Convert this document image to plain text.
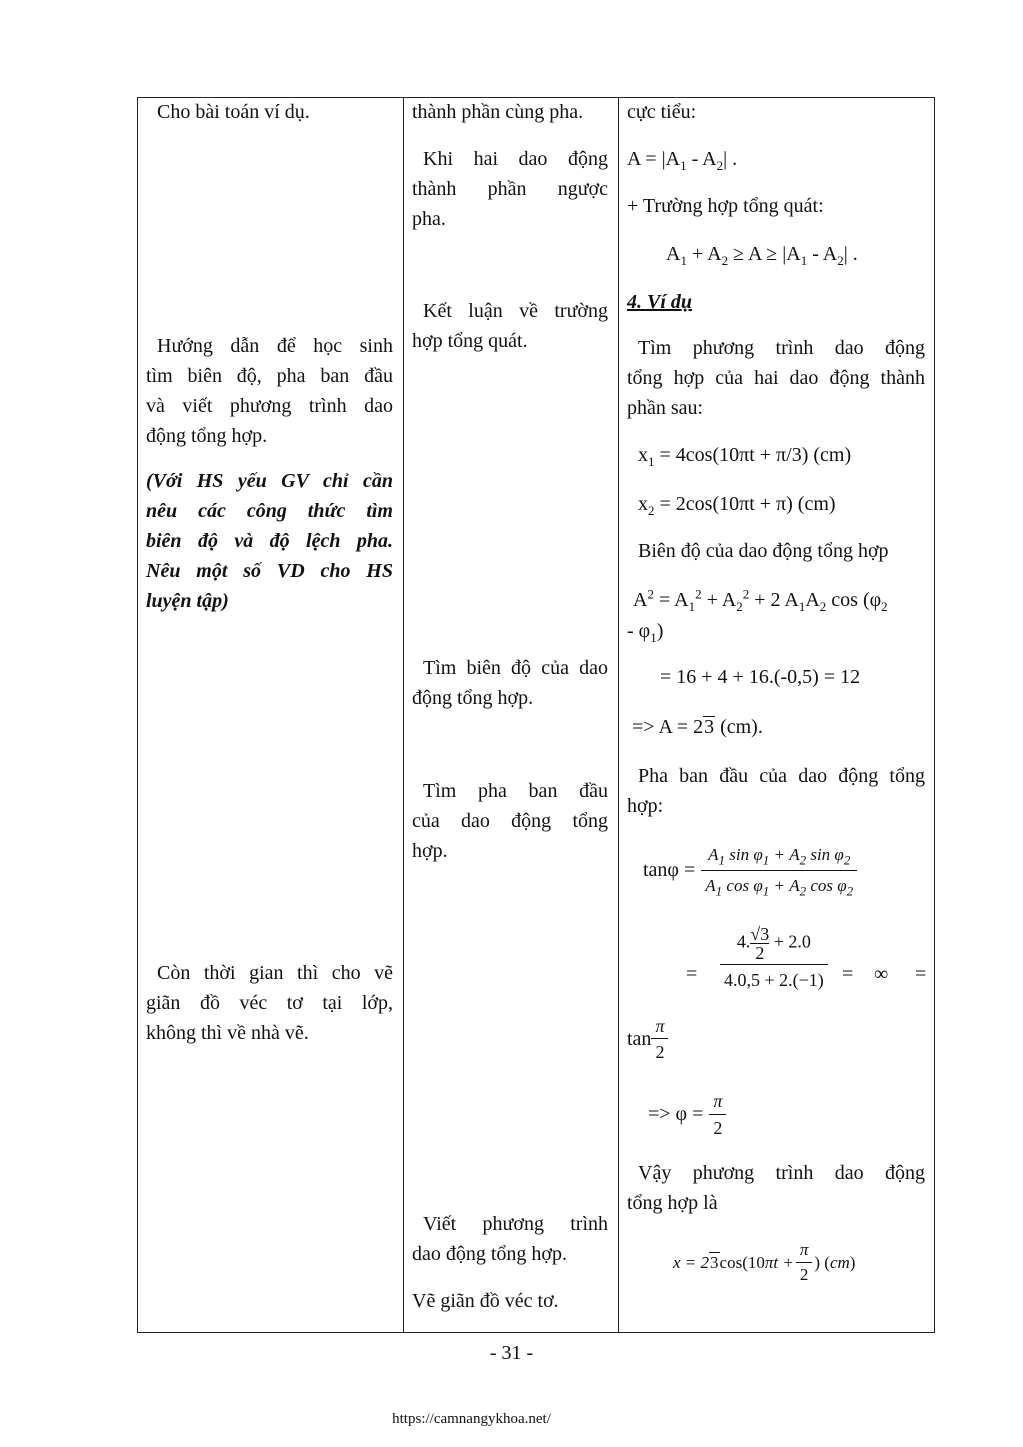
Cho bài toán ví dụ.

Hướng dẫn để học sinh

tìm biên độ, pha ban đầu

và viết phương trình dao

động tổng hợp.

(Với HS yếu GV chỉ cần

nêu các công thức tìm

biên độ và độ lệch pha.

Nêu một số VD cho HS

luyện tập)

Còn thời gian thì cho vẽ

giãn đồ véc tơ tại lớp,

không thì về nhà vẽ.

thành phần cùng pha.

Khi hai dao động

thành phần ngược

pha.

Kết luận về trường

hợp tổng quát.

Tìm biên độ của dao

động tổng hợp.

Tìm pha ban đầu

của dao động tổng

hợp.

Viết phương trình

dao động tổng hợp.

Vẽ giãn đồ véc tơ.

cực tiểu:

$A = |A_1 - A_2|$ .

+ Trường hợp tổng quát:

$A_1 + A_2 \ge A \ge |A_1 - A_2|$ .

4. Ví dụ

Tìm phương trình dao động

tổng hợp của hai dao động thành

phần sau:

$x_1 = 4\cos(10\pi t + \pi/3)$ (cm)

$x_2 = 2\cos(10\pi t + \pi)$ (cm)

Biên độ của dao động tổng hợp

$A^2 = A_1^2 + A_2^2 + 2$ $A_1A_2$ $\cos (\varphi_2$

- $\varphi_1$)

= 16 + 4 + 16.(-0,5) = 12

=> A = 23 (cm).

Pha ban đầu của dao động tổng

hợp:

$\tan\varphi = \frac{A_1 \sin \varphi_1 + A_2 \sin \varphi_2}{A_1 \cos \varphi_1 + A_2 \cos \varphi_2}$
= $\frac{4. \frac{√3}{2} + 2.0}{4.0,5 + 2.(-1)}$ = ∞ =
$\tan \frac{\pi}{2}$
=> $\varphi = \frac{\pi}{2}$

Vậy phương trình dao động

tổng hợp là

$x = 23\cos(10\pi t + \frac{\pi}{2}$ ) (cm)

- 31 -

https://camnangykhoa.net/
